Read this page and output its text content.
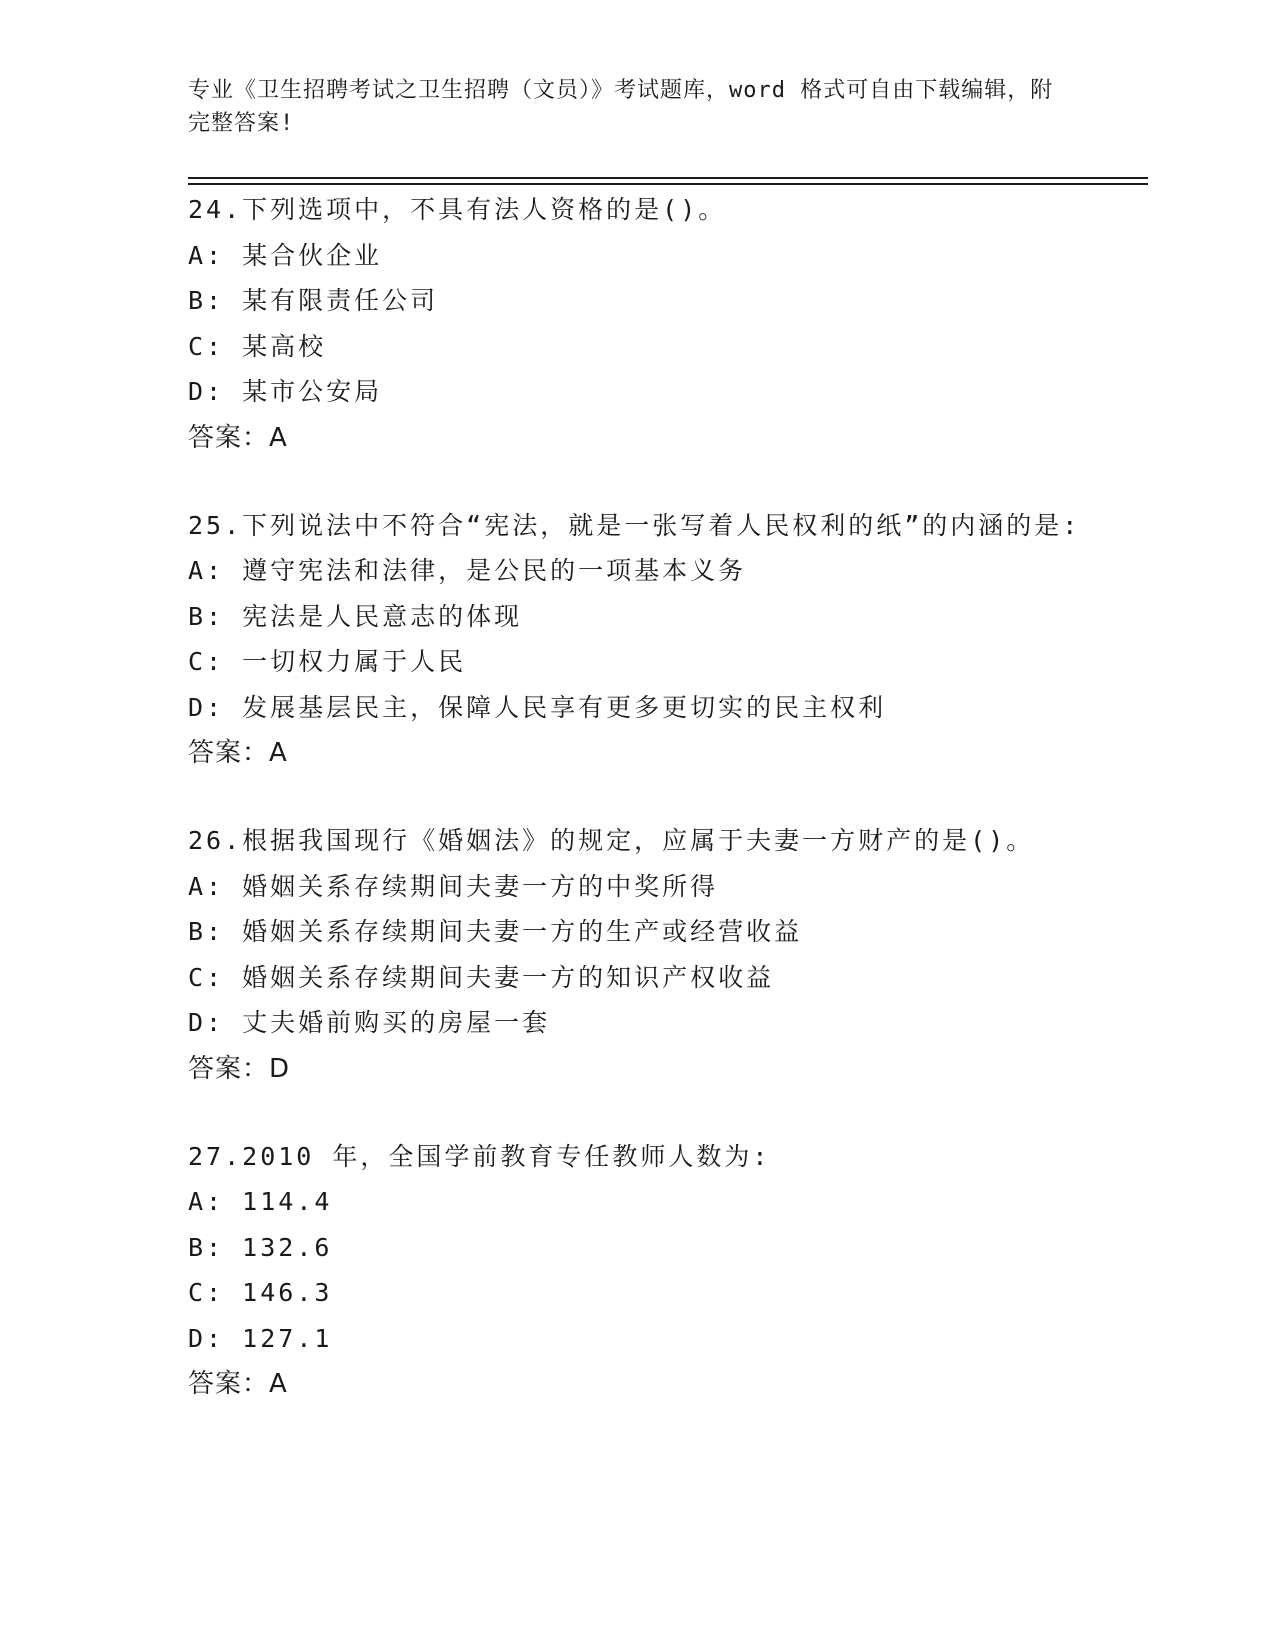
专业《卫生招聘考试之卫生招聘（文员）》考试题库，word 格式可自由下载编辑，附完整答案!
24.下列选项中，不具有法人资格的是()。
A: 某合伙企业
B: 某有限责任公司
C: 某高校
D: 某市公安局
答案：A
25.下列说法中不符合“宪法，就是一张写着人民权利的纸”的内涵的是:
A: 遵守宪法和法律，是公民的一项基本义务
B: 宪法是人民意志的体现
C: 一切权力属于人民
D: 发展基层民主，保障人民享有更多更切实的民主权利
答案：A
26.根据我国现行《婚姻法》的规定，应属于夫妻一方财产的是()。
A: 婚姻关系存续期间夫妻一方的中奖所得
B: 婚姻关系存续期间夫妻一方的生产或经营收益
C: 婚姻关系存续期间夫妻一方的知识产权收益
D: 丈夫婚前购买的房屋一套
答案：D
27.2010 年，全国学前教育专任教师人数为:
A: 114.4
B: 132.6
C: 146.3
D: 127.1
答案：A
